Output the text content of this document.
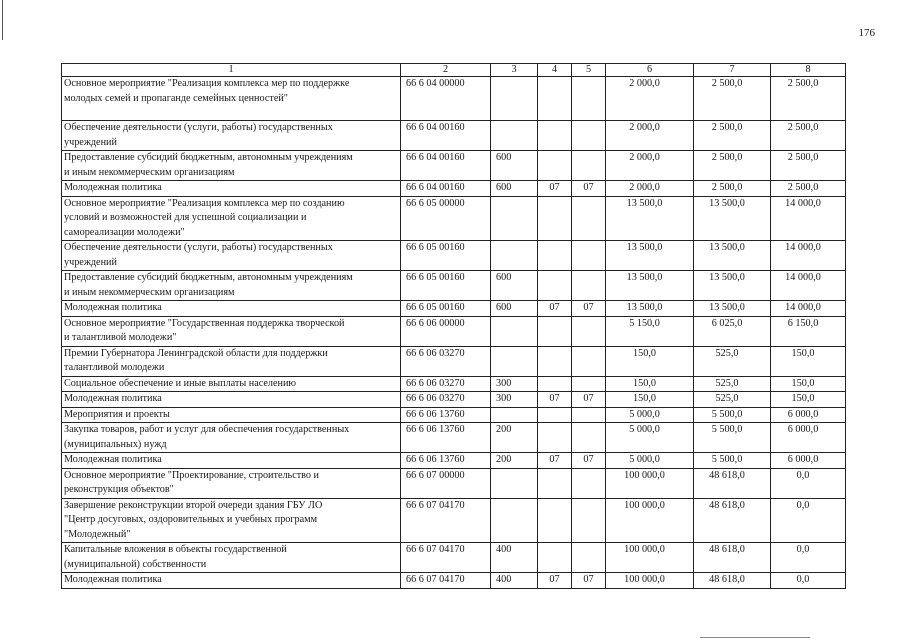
176
1	2	3	4	5	6	7	8
Основное мероприятие "Реализация комплекса мер по поддержке
молодых семей и пропаганде семейных ценностей"	66 6 04 00000				2 000,0	2 500,0	2 500,0
Обеспечение деятельности (услуги, работы) государственных
учреждений	66 6 04 00160				2 000,0	2 500,0	2 500,0
Предоставление субсидий бюджетным, автономным учреждениям
и иным некоммерческим организациям	66 6 04 00160	600			2 000,0	2 500,0	2 500,0
Молодежная политика	66 6 04 00160	600	07	07	2 000,0	2 500,0	2 500,0
Основное мероприятие "Реализация комплекса мер по созданию
условий и возможностей для успешной социализации и
самореализации молодежи"	66 6 05 00000				13 500,0	13 500,0	14 000,0
Обеспечение деятельности (услуги, работы) государственных
учреждений	66 6 05 00160				13 500,0	13 500,0	14 000,0
Предоставление субсидий бюджетным, автономным учреждениям
и иным некоммерческим организациям	66 6 05 00160	600			13 500,0	13 500,0	14 000,0
Молодежная политика	66 6 05 00160	600	07	07	13 500,0	13 500,0	14 000,0
Основное мероприятие "Государственная поддержка творческой
и талантливой молодежи"	66 6 06 00000				5 150,0	6 025,0	6 150,0
Премии Губернатора Ленинградской области для поддержки
талантливой молодежи	66 6 06 03270				150,0	525,0	150,0
Социальное обеспечение и иные выплаты населению	66 6 06 03270	300			150,0	525,0	150,0
Молодежная политика	66 6 06 03270	300	07	07	150,0	525,0	150,0
Мероприятия и проекты	66 6 06 13760				5 000,0	5 500,0	6 000,0
Закупка товаров, работ и услуг для обеспечения государственных
(муниципальных) нужд	66 6 06 13760	200			5 000,0	5 500,0	6 000,0
Молодежная политика	66 6 06 13760	200	07	07	5 000,0	5 500,0	6 000,0
Основное мероприятие "Проектирование, строительство и
реконструкция объектов"	66 6 07 00000				100 000,0	48 618,0	0,0
Завершение реконструкции второй очереди здания ГБУ ЛО
"Центр досуговых, оздоровительных и учебных программ
"Молодежный"	66 6 07 04170				100 000,0	48 618,0	0,0
Капитальные вложения в объекты государственной
(муниципальной) собственности	66 6 07 04170	400			100 000,0	48 618,0	0,0
Молодежная политика	66 6 07 04170	400	07	07	100 000,0	48 618,0	0,0
